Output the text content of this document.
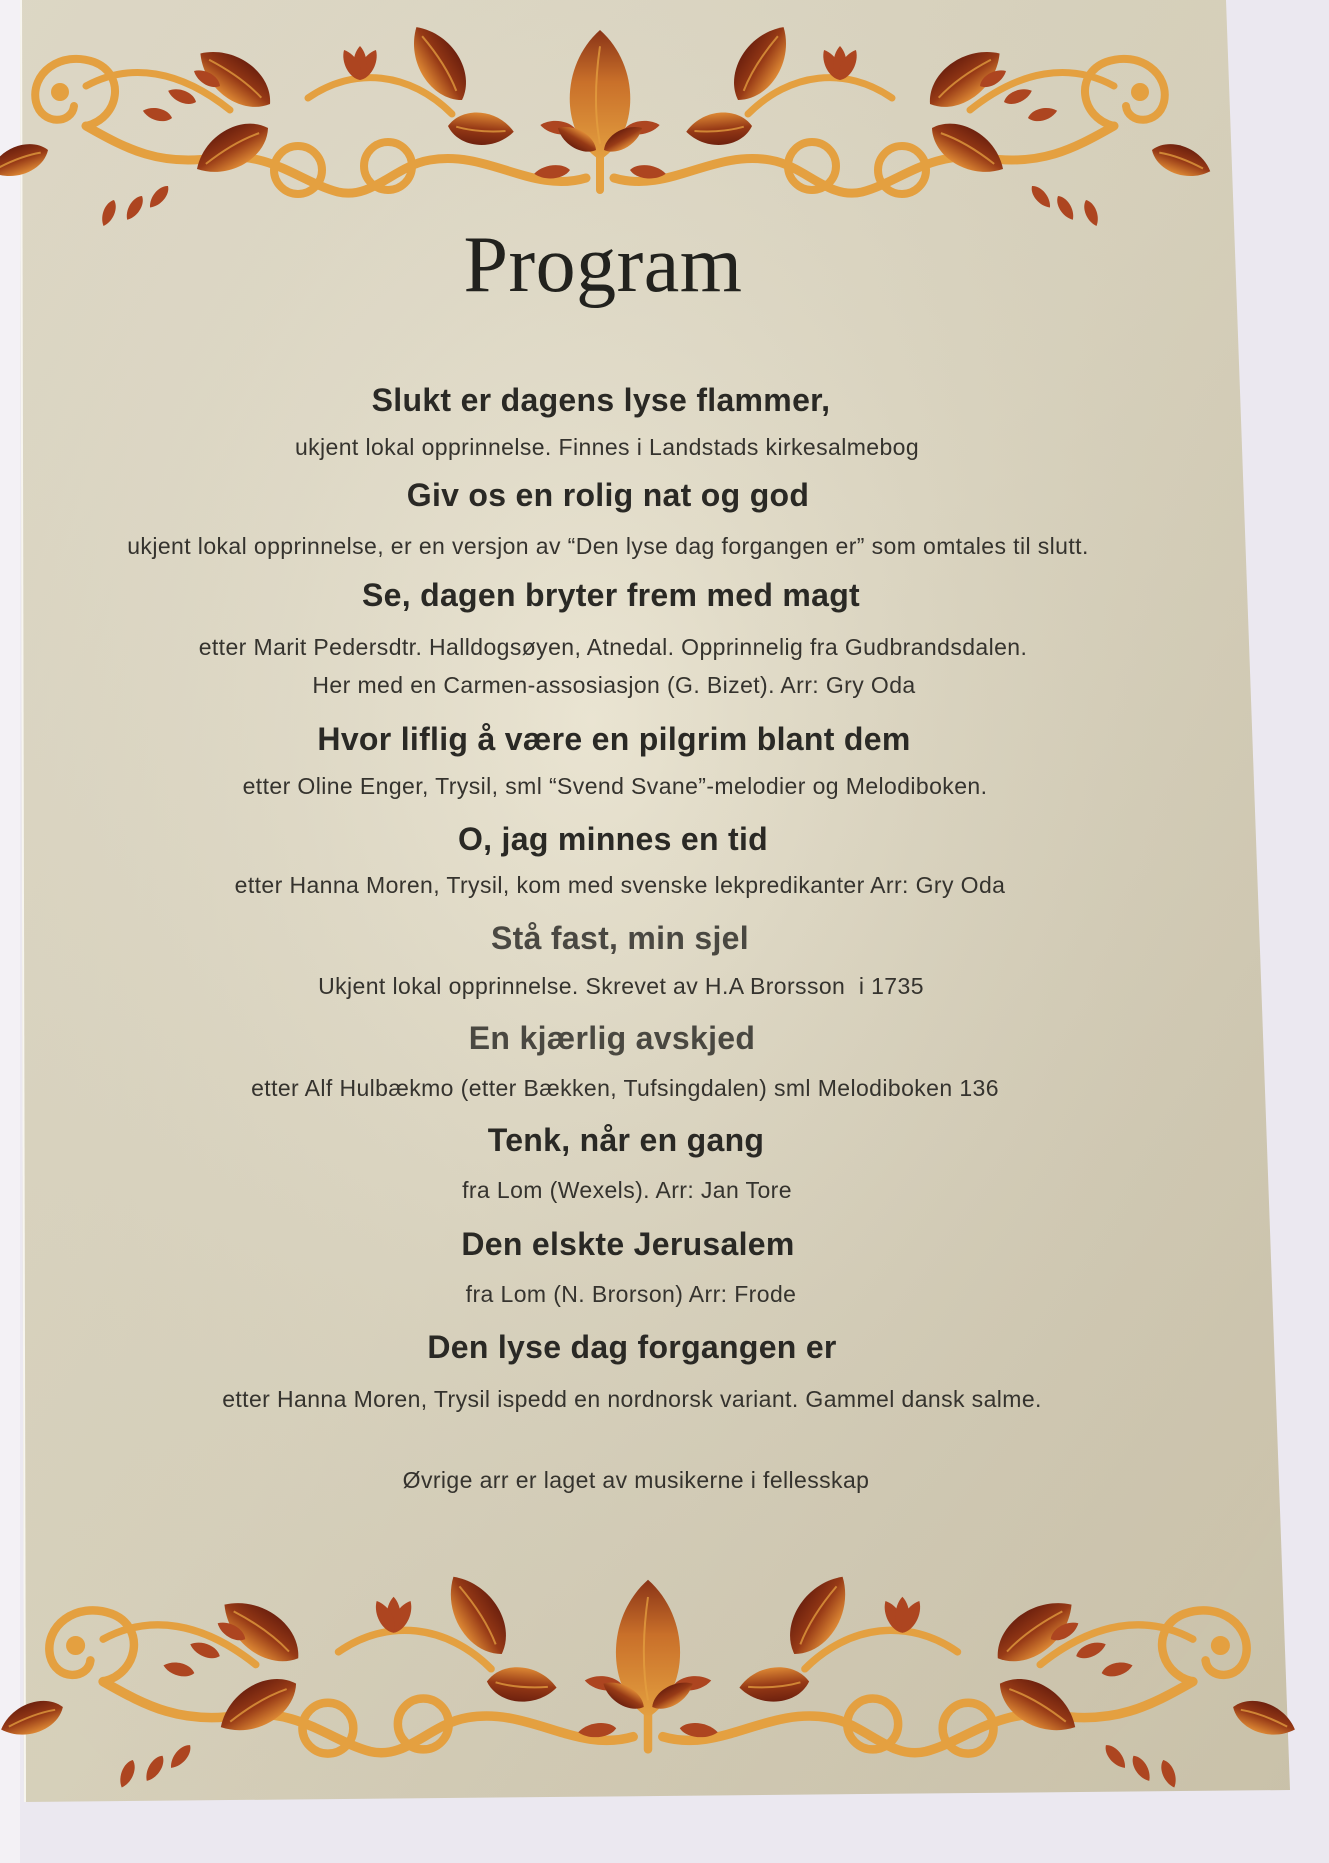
Program
Slukt er dagens lyse flammer,
ukjent lokal opprinnelse. Finnes i Landstads kirkesalmebog
Giv os en rolig nat og god
ukjent lokal opprinnelse, er en versjon av “Den lyse dag forgangen er” som omtales til slutt.
Se, dagen bryter frem med magt
etter Marit Pedersdtr. Halldogsøyen, Atnedal. Opprinnelig fra Gudbrandsdalen.
Her med en Carmen-assosiasjon (G. Bizet). Arr: Gry Oda
Hvor liflig å være en pilgrim blant dem
etter Oline Enger, Trysil, sml “Svend Svane”-melodier og Melodiboken.
O, jag minnes en tid
etter Hanna Moren, Trysil, kom med svenske lekpredikanter Arr: Gry Oda
Stå fast, min sjel
Ukjent lokal opprinnelse. Skrevet av H.A Brorsson  i 1735
En kjærlig avskjed
etter Alf Hulbækmo (etter Bækken, Tufsingdalen) sml Melodiboken 136
Tenk, når en gang
fra Lom (Wexels). Arr: Jan Tore
Den elskte Jerusalem
fra Lom (N. Brorson) Arr: Frode
Den lyse dag forgangen er
etter Hanna Moren, Trysil ispedd en nordnorsk variant. Gammel dansk salme.
Øvrige arr er laget av musikerne i fellesskap
